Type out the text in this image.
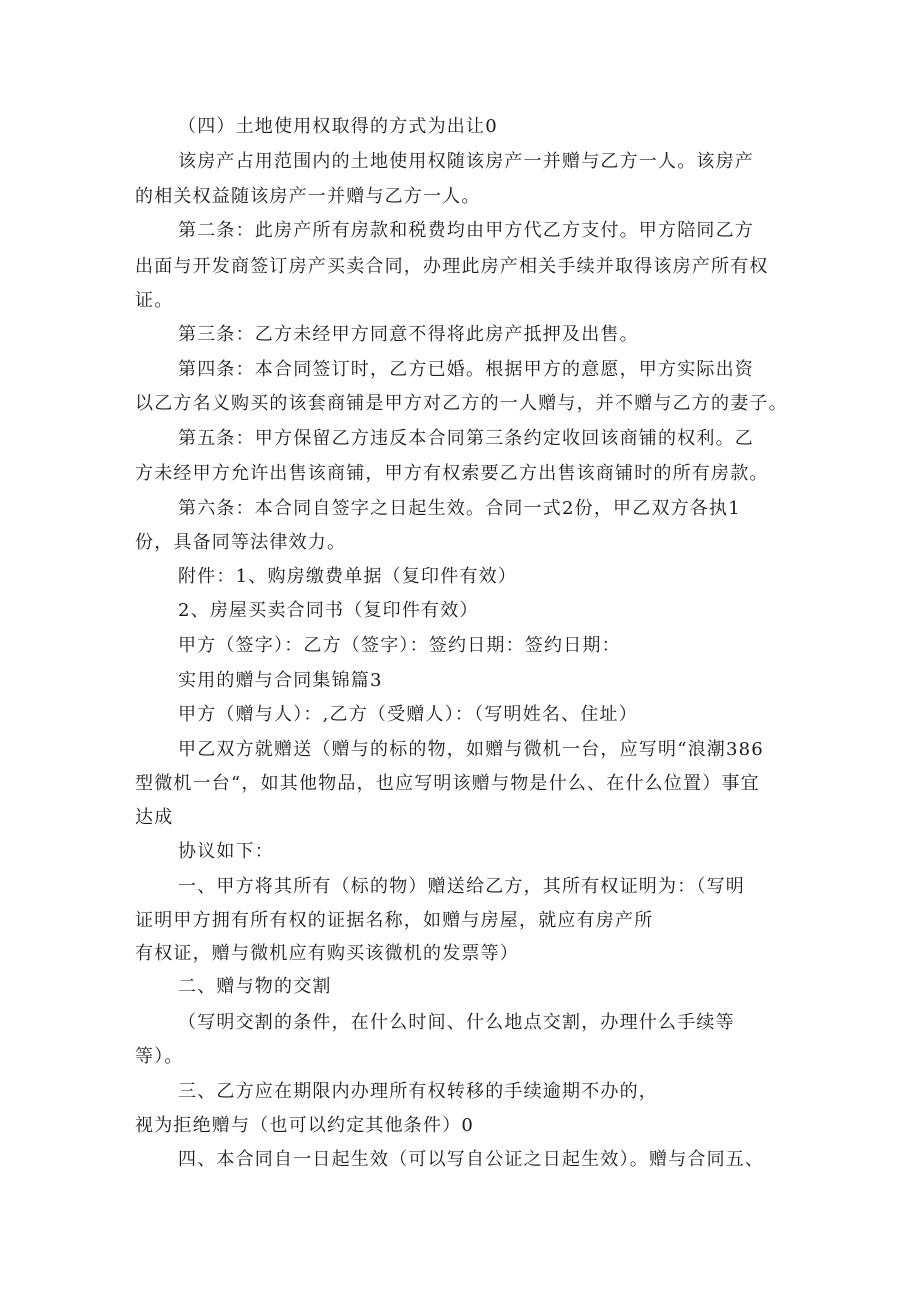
（四）土地使用权取得的方式为出让0

该房产占用范围内的土地使用权随该房产一并赠与乙方一人。该房产

的相关权益随该房产一并赠与乙方一人。

第二条：此房产所有房款和税费均由甲方代乙方支付。甲方陪同乙方

出面与开发商签订房产买卖合同，办理此房产相关手续并取得该房产所有权

证。

第三条：乙方未经甲方同意不得将此房产抵押及出售。

第四条：本合同签订时，乙方已婚。根据甲方的意愿，甲方实际出资

以乙方名义购买的该套商铺是甲方对乙方的一人赠与，并不赠与乙方的妻子。

第五条：甲方保留乙方违反本合同第三条约定收回该商铺的权利。乙

方未经甲方允许出售该商铺，甲方有权索要乙方出售该商铺时的所有房款。

第六条：本合同自签字之日起生效。合同一式2份，甲乙双方各执1

份，具备同等法律效力。

附件：1、购房缴费单据（复印件有效）

2、房屋买卖合同书（复印件有效）

甲方（签字）：乙方（签字）：签约日期：签约日期：

实用的赠与合同集锦篇3

甲方（赠与人）：,乙方（受赠人）：（写明姓名、住址）

甲乙双方就赠送（赠与的标的物，如赠与微机一台，应写明“浪潮386

型微机一台“，如其他物品，也应写明该赠与物是什么、在什么位置）事宜

达成

协议如下：

一、甲方将其所有（标的物）赠送给乙方，其所有权证明为：（写明

证明甲方拥有所有权的证据名称，如赠与房屋，就应有房产所

有权证，赠与微机应有购买该微机的发票等）

二、赠与物的交割

（写明交割的条件，在什么时间、什么地点交割，办理什么手续等

等）。

三、乙方应在期限内办理所有权转移的手续逾期不办的，

视为拒绝赠与（也可以约定其他条件）0

四、本合同自一日起生效（可以写自公证之日起生效）。赠与合同五、
